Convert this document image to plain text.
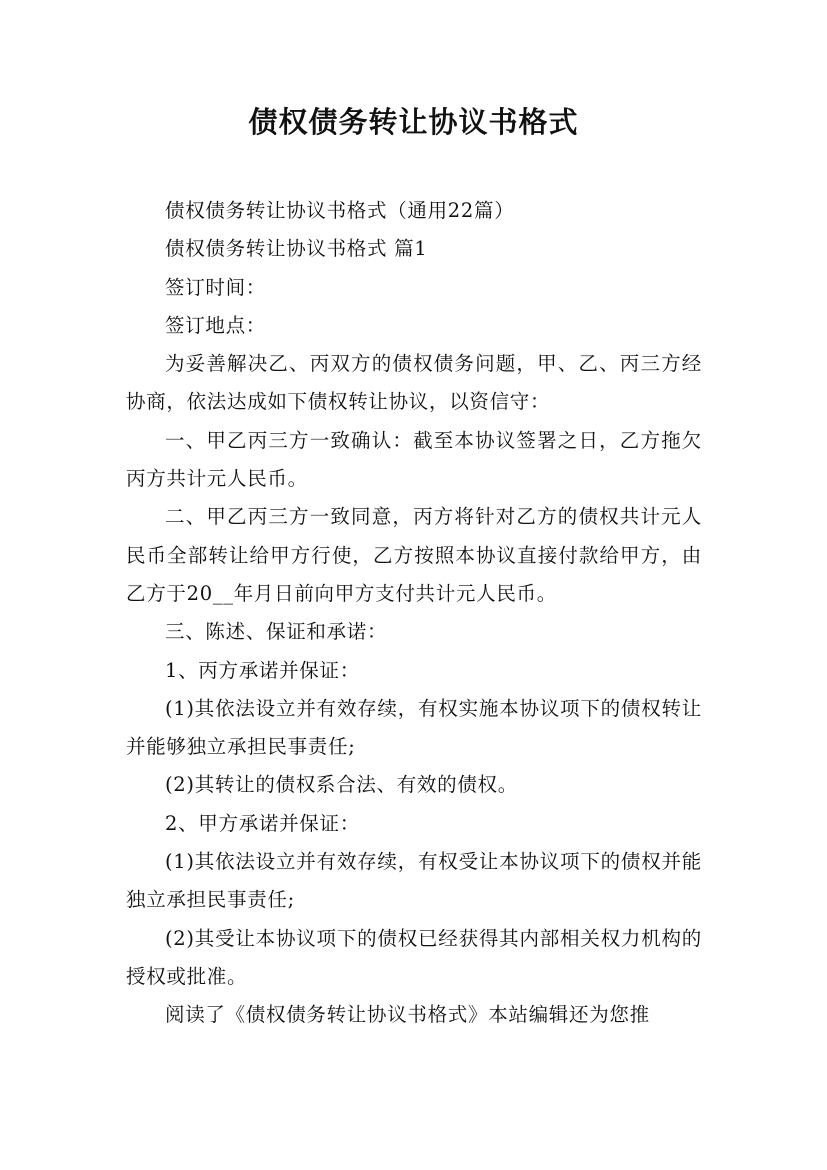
债权债务转让协议书格式

债权债务转让协议书格式（通用22篇）

债权债务转让协议书格式 篇1

签订时间：

签订地点：

为妥善解决乙、丙双方的债权债务问题，甲、乙、丙三方经协商，依法达成如下债权转让协议，以资信守：

一、甲乙丙三方一致确认：截至本协议签署之日，乙方拖欠丙方共计元人民币。

二、甲乙丙三方一致同意，丙方将针对乙方的债权共计元人民币全部转让给甲方行使，乙方按照本协议直接付款给甲方，由乙方于20__年月日前向甲方支付共计元人民币。

三、陈述、保证和承诺：

1、丙方承诺并保证：

(1)其依法设立并有效存续，有权实施本协议项下的债权转让并能够独立承担民事责任;

(2)其转让的债权系合法、有效的债权。

2、甲方承诺并保证：

(1)其依法设立并有效存续，有权受让本协议项下的债权并能独立承担民事责任;

(2)其受让本协议项下的债权已经获得其内部相关权力机构的授权或批准。

阅读了《债权债务转让协议书格式》本站编辑还为您推
